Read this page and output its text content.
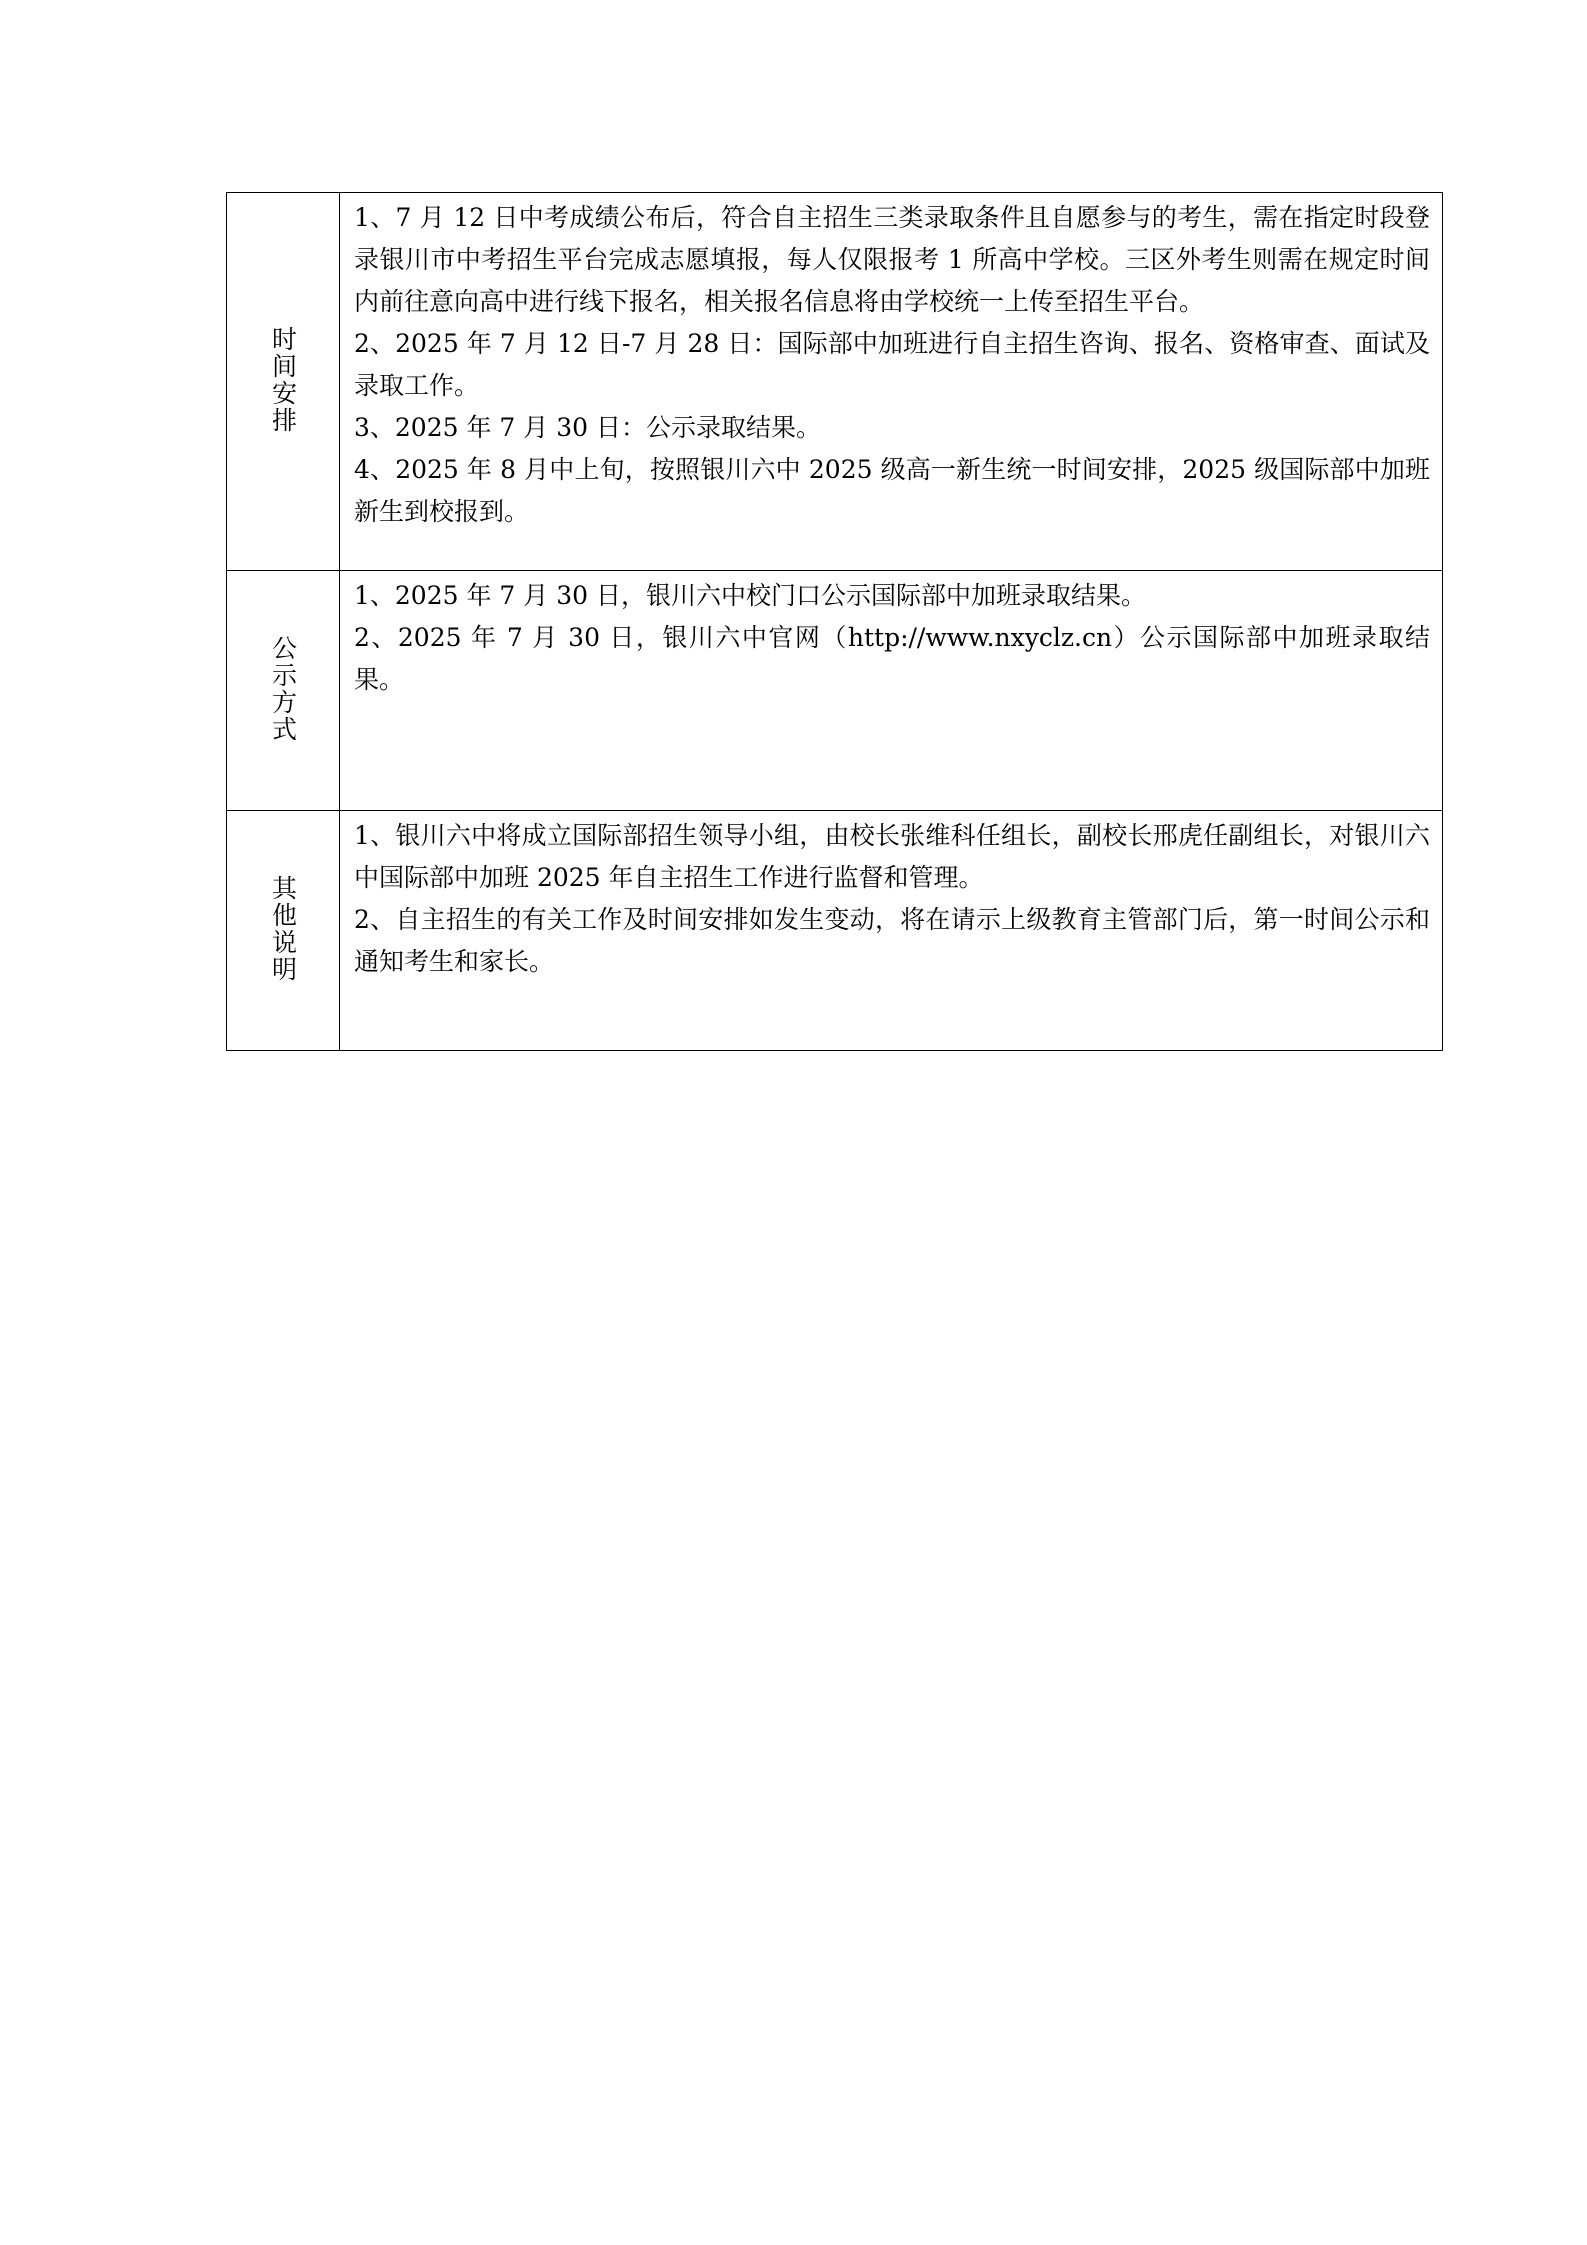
时间安排	1、7 月 12 日中考成绩公布后，符合自主招生三类录取条件且自愿参与的考生，需在指定时段登录银川市中考招生平台完成志愿填报，每人仅限报考 1 所高中学校。三区外考生则需在规定时间内前往意向高中进行线下报名，相关报名信息将由学校统一上传至招生平台。

2、2025 年 7 月 12 日-7 月 28 日：国际部中加班进行自主招生咨询、报名、资格审查、面试及录取工作。

3、2025 年 7 月 30 日：公示录取结果。

4、2025 年 8 月中上旬，按照银川六中 2025 级高一新生统一时间安排，2025 级国际部中加班新生到校报到。

公示方式	1、2025 年 7 月 30 日，银川六中校门口公示国际部中加班录取结果。

2、2025 年 7 月 30 日，银川六中官网（http://www.nxyclz.cn）公示国际部中加班录取结果。

其他说明	1、银川六中将成立国际部招生领导小组，由校长张维科任组长，副校长邢虎任副组长，对银川六中国际部中加班 2025 年自主招生工作进行监督和管理。

2、自主招生的有关工作及时间安排如发生变动，将在请示上级教育主管部门后，第一时间公示和通知考生和家长。
